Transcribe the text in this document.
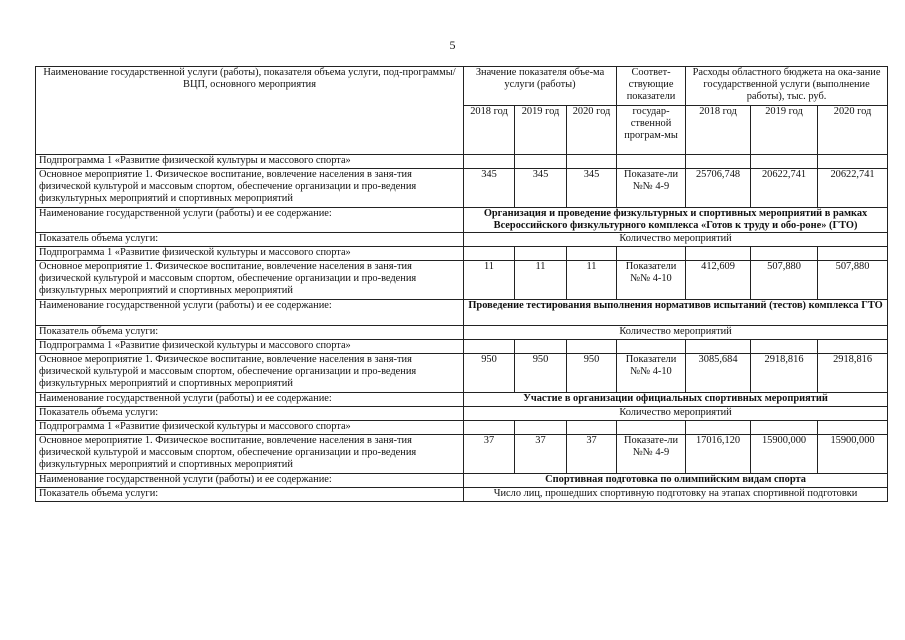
5
Наименование государственной услуги (работы), показателя объема услуги, под-программы/ВЦП, основного мероприятия	Значение показателя объе-ма услуги (работы)			Соответ-ствующие показатели	Расходы областного бюджета на ока-зание государственной услуги (выполнение работы), тыс. руб.		
	2018 год	2019 год	2020 год	государ-ственной програм-мы	2018 год	2019 год	2020 год
Подпрограмма 1 «Развитие физической культуры и массового спорта»							
Основное мероприятие 1. Физическое воспитание, вовлечение населения в заня-тия физической культурой и массовым спортом, обеспечение организации и про-ведения физкультурных мероприятий и спортивных мероприятий	345	345	345	Показате-ли №№ 4-9	25706,748	20622,741	20622,741
Наименование государственной услуги (работы) и ее содержание:	Организация и проведение физкультурных и спортивных мероприятий в рамках Всероссийского физкультурного комплекса «Готов к труду и обо-роне» (ГТО)						
Показатель объема услуги:	Количество мероприятий						
Подпрограмма 1 «Развитие физической культуры и массового спорта»							
Основное мероприятие 1. Физическое воспитание, вовлечение населения в заня-тия физической культурой и массовым спортом, обеспечение организации и про-ведения физкультурных мероприятий и спортивных мероприятий	11	11	11	Показатели №№ 4-10	412,609	507,880	507,880
Наименование государственной услуги (работы) и ее содержание:	Проведение тестирования выполнения нормативов испытаний (тестов) комплекса ГТО						
Показатель объема услуги:	Количество мероприятий						
Подпрограмма 1 «Развитие физической культуры и массового спорта»							
Основное мероприятие 1. Физическое воспитание, вовлечение населения в заня-тия физической культурой и массовым спортом, обеспечение организации и про-ведения физкультурных мероприятий и спортивных мероприятий	950	950	950	Показатели №№ 4-10	3085,684	2918,816	2918,816
Наименование государственной услуги (работы) и ее содержание:	Участие в организации официальных спортивных мероприятий						
Показатель объема услуги:	Количество мероприятий						
Подпрограмма 1 «Развитие физической культуры и массового спорта»							
Основное мероприятие 1. Физическое воспитание, вовлечение населения в заня-тия физической культурой и массовым спортом, обеспечение организации и про-ведения физкультурных мероприятий и спортивных мероприятий	37	37	37	Показате-ли №№ 4-9	17016,120	15900,000	15900,000
Наименование государственной услуги (работы) и ее содержание:	Спортивная подготовка по олимпийским видам спорта						
Показатель объема услуги:	Число лиц, прошедших спортивную подготовку на этапах спортивной подготовки						
